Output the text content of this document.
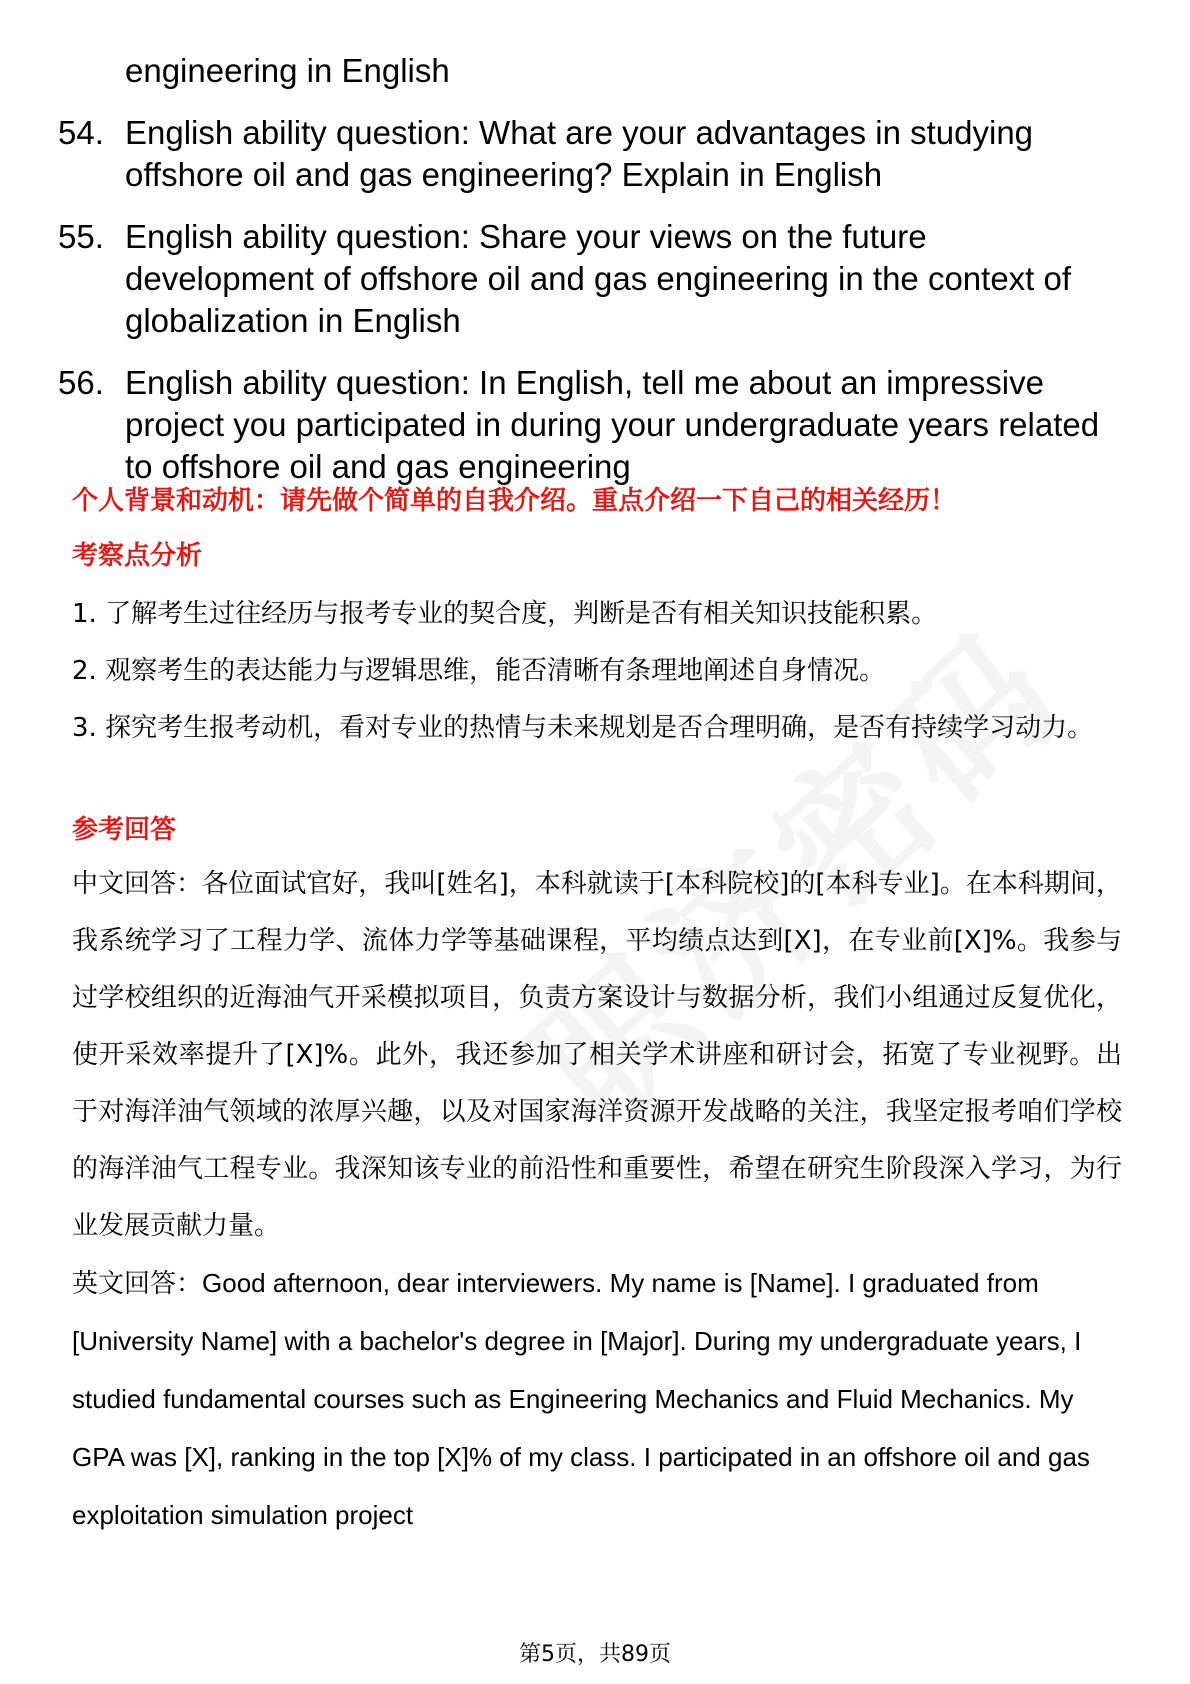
engineering in English

54. English ability question: What are your advantages in studying offshore oil and gas engineering? Explain in English
55. English ability question: Share your views on the future development of offshore oil and gas engineering in the context of globalization in English
56. English ability question: In English, tell me about an impressive project you participated in during your undergraduate years related to offshore oil and gas engineering

个人背景和动机：请先做个简单的自我介绍。重点介绍一下自己的相关经历！

考察点分析

1. 了解考生过往经历与报考专业的契合度，判断是否有相关知识技能积累。

2. 观察考生的表达能力与逻辑思维，能否清晰有条理地阐述自身情况。

3. 探究考生报考动机，看对专业的热情与未来规划是否合理明确，是否有持续学习动力。

参考回答

中文回答：各位面试官好，我叫[姓名]，本科就读于[本科院校]的[本科专业]。在本科期间，我系统学习了工程力学、流体力学等基础课程，平均绩点达到[X]，在专业前[X]%。我参与过学校组织的近海油气开采模拟项目，负责方案设计与数据分析，我们小组通过反复优化，使开采效率提升了[X]%。此外，我还参加了相关学术讲座和研讨会，拓宽了专业视野。出于对海洋油气领域的浓厚兴趣，以及对国家海洋资源开发战略的关注，我坚定报考咱们学校的海洋油气工程专业。我深知该专业的前沿性和重要性，希望在研究生阶段深入学习，为行业发展贡献力量。

英文回答：Good afternoon, dear interviewers. My name is [Name]. I graduated from [University Name] with a bachelor's degree in [Major]. During my undergraduate years, I studied fundamental courses such as Engineering Mechanics and Fluid Mechanics. My GPA was [X], ranking in the top [X]% of my class. I participated in an offshore oil and gas exploitation simulation project

第5页，共89页
